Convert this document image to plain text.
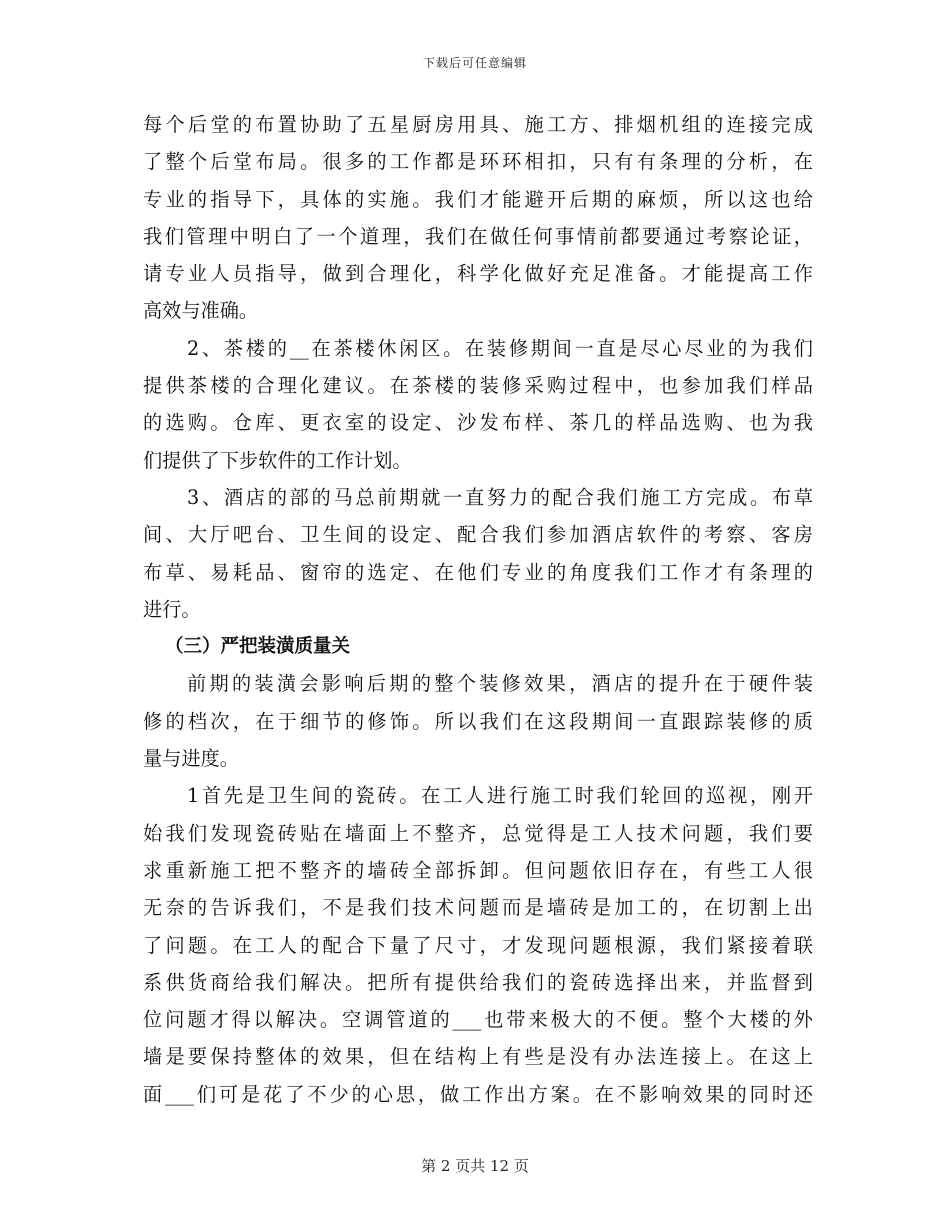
下载后可任意编辑
每个后堂的布置协助了五星厨房用具、施工方、排烟机组的连接完成
了整个后堂布局。很多的工作都是环环相扣，只有有条理的分析，在
专业的指导下，具体的实施。我们才能避开后期的麻烦，所以这也给
我们管理中明白了一个道理，我们在做任何事情前都要通过考察论证，
请专业人员指导，做到合理化，科学化做好充足准备。才能提高工作
高效与准确。
2、茶楼的__在茶楼休闲区。在装修期间一直是尽心尽业的为我们
提供茶楼的合理化建议。在茶楼的装修采购过程中，也参加我们样品
的选购。仓库、更衣室的设定、沙发布样、茶几的样品选购、也为我
们提供了下步软件的工作计划。
3、酒店的部的马总前期就一直努力的配合我们施工方完成。布草
间、大厅吧台、卫生间的设定、配合我们参加酒店软件的考察、客房
布草、易耗品、窗帘的选定、在他们专业的角度我们工作才有条理的
进行。
（三）严把装潢质量关
前期的装潢会影响后期的整个装修效果，酒店的提升在于硬件装
修的档次，在于细节的修饰。所以我们在这段期间一直跟踪装修的质
量与进度。
1首先是卫生间的瓷砖。在工人进行施工时我们轮回的巡视，刚开
始我们发现瓷砖贴在墙面上不整齐，总觉得是工人技术问题，我们要
求重新施工把不整齐的墙砖全部拆卸。但问题依旧存在，有些工人很
无奈的告诉我们，不是我们技术问题而是墙砖是加工的，在切割上出
了问题。在工人的配合下量了尺寸，才发现问题根源，我们紧接着联
系供货商给我们解决。把所有提供给我们的瓷砖选择出来，并监督到
位问题才得以解决。空调管道的___也带来极大的不便。整个大楼的外
墙是要保持整体的效果，但在结构上有些是没有办法连接上。在这上
面___们可是花了不少的心思，做工作出方案。在不影响效果的同时还
第 2 页共 12 页
